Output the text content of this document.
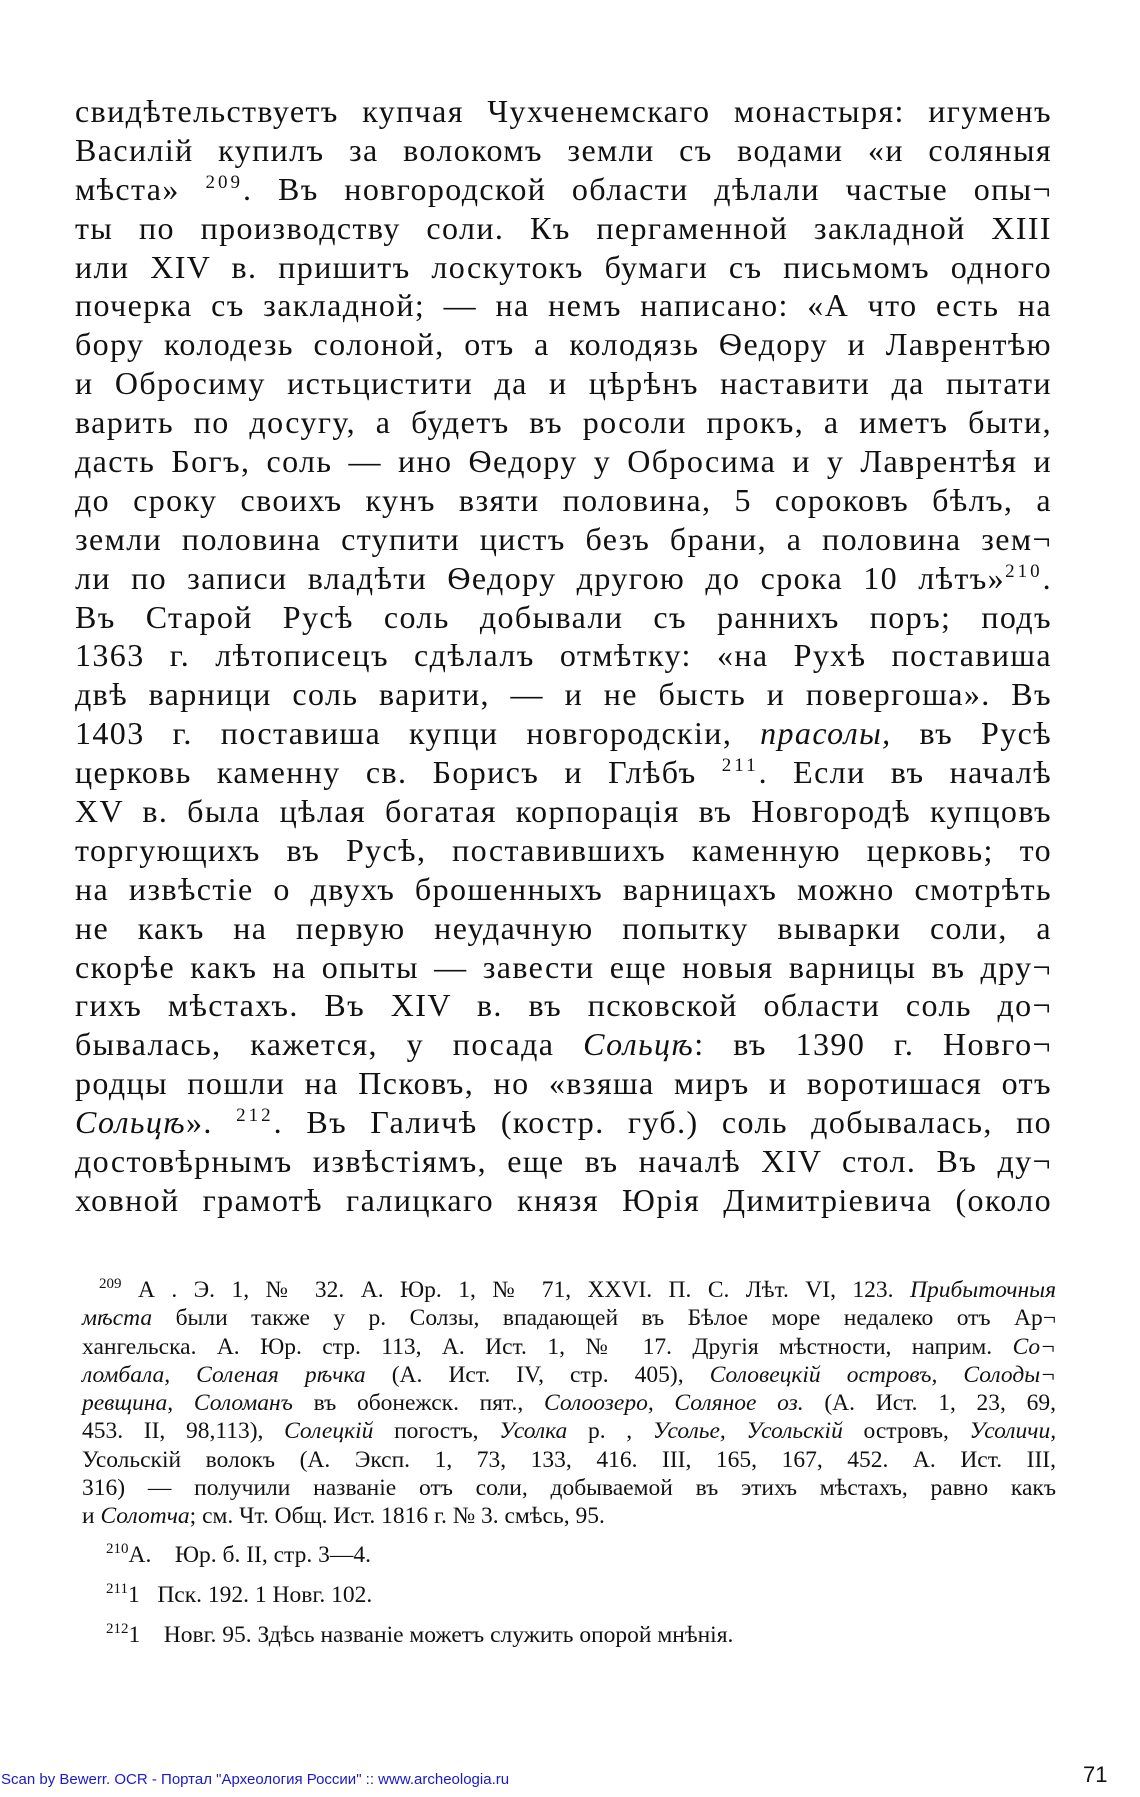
свидѣтельствуетъ купчая Чухченемскаго монастыря: игуменъ
Василій купилъ за волокомъ земли съ водами «и соляныя
мѣста» $^{209}$. Въ новгородской области дѣлали частые опы¬
ты по производству соли. Къ пергаменной закладной XIII
или XIV в. пришитъ лоскутокъ бумаги съ письмомъ одного
почерка съ закладной; — на немъ написано: «А что есть на
бору колодезь солоной, отъ а колодязь Ѳедору и Лаврентѣю
и Обросиму истьцистити да и цѣрѣнъ наставити да пытати
варить по досугу, а будетъ въ росоли прокъ, а иметъ быти,
дасть Богъ, соль — ино Ѳедору у Обросима и у Лаврентѣя и
до сроку своихъ кунъ взяти половина, 5 сороковъ бѣлъ, а
земли половина ступити цистъ безъ брани, а половина зем¬
ли по записи владѣти Ѳедору другою до срока 10 лѣтъ»$^{210}$.
Въ Старой Русѣ соль добывали съ раннихъ поръ; подъ
1363 г. лѣтописецъ сдѣлалъ отмѣтку: «на Рухѣ поставиша
двѣ варници соль варити, — и не бысть и повергоша». Въ
1403 г. поставиша купци новгородскіи, прасолы, въ Русѣ
церковь каменну св. Борисъ и Глѣбъ $^{211}$. Если въ началѣ
XV в. была цѣлая богатая корпорація въ Новгородѣ купцовъ
торгующихъ въ Русѣ, поставившихъ каменную церковь; то
на извѣстіе о двухъ брошенныхъ варницахъ можно смотрѣть
не какъ на первую неудачную попытку выварки соли, а
скорѣе какъ на опыты — завести еще новыя варницы въ дру¬
гихъ мѣстахъ. Въ XIV в. въ псковской области соль до¬
бывалась, кажется, у посада Сольцѣ: въ 1390 г. Новго¬
родцы пошли на Псковъ, но «взяша миръ и воротишася отъ
Сольцѣ». $^{212}$. Въ Галичѣ (костр. губ.) соль добывалась, по
достовѣрнымъ извѣстіямъ, еще въ началѣ XIV стол. Въ ду¬
ховной грамотѣ галицкаго князя Юрія Димитріевича (около
$^{209}$ А . Э. 1, № 32. А. Юр. 1, № 71, XXVI. П. С. Лѣт. VI, 123. Прибыточныя
мѣста были также у р. Солзы, впадающей въ Бѣлое море недалеко отъ Ар¬
хангельска. А. Юр. стр. 113, А. Ист. 1, № 17. Другія мѣстности, наприм. Со¬
ломбала, Соленая рѣчка (А. Ист. IV, стр. 405), Соловецкій островъ, Солоды¬
ревщина, Соломанъ въ обонежск. пят., Солоозеро, Соляное оз. (А. Ист. 1, 23, 69,
453. II, 98,113), Солецкій погостъ, Усолка р. , Усолье, Усольскій островъ, Усоличи,
Усольскій волокъ (А. Эксп. 1, 73, 133, 416. III, 165, 167, 452. А. Ист. III,
316) — получили названіе отъ соли, добываемой въ этихъ мѣстахъ, равно какъ
и Солотча; см. Чт. Общ. Ист. 1816 г. № 3. смѣсь, 95.
$^{210}$А. Юр. б. II, стр. 3—4.
$^{211}$1 Пск. 192. 1 Новг. 102.
$^{212}$1 Новг. 95. Здѣсь названіе можетъ служить опорой мнѣнія.
Scan by Bewerr. OCR - Портал "Археология России" :: www.archeologia.ru	71
